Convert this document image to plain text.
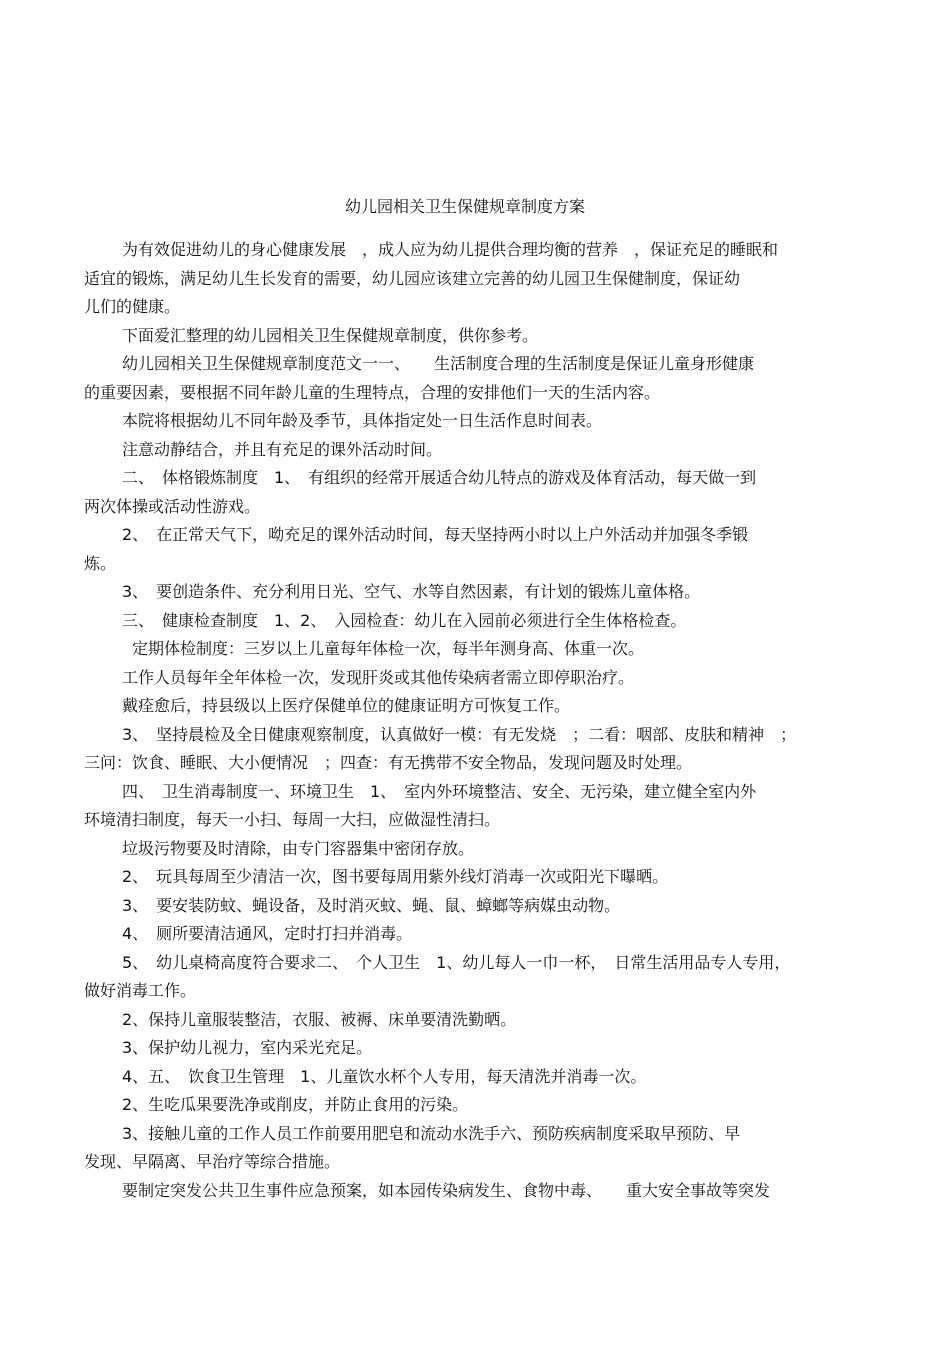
幼儿园相关卫生保健规章制度方案
为有效促进幼儿的身心健康发展　，成人应为幼儿提供合理均衡的营养　，保证充足的睡眠和
适宜的锻炼，满足幼儿生长发育的需要，幼儿园应该建立完善的幼儿园卫生保健制度，保证幼
儿们的健康。
下面爱汇整理的幼儿园相关卫生保健规章制度，供你参考。
幼儿园相关卫生保健规章制度范文一一、　　生活制度合理的生活制度是保证儿童身形健康
的重要因素，要根据不同年龄儿童的生理特点，合理的安排他们一天的生活内容。
本院将根据幼儿不同年龄及季节，具体指定处一日生活作息时间表。
注意动静结合，并且有充足的课外活动时间。
二、　体格锻炼制度　1、　有组织的经常开展适合幼儿特点的游戏及体育活动，每天做一到
两次体操或活动性游戏。
2、　在正常天气下，呦充足的课外活动时间，每天坚持两小时以上户外活动并加强冬季锻
炼。
3、　要创造条件、充分利用日光、空气、水等自然因素，有计划的锻炼儿童体格。
三、　健康检查制度　1、2、　入园检查：幼儿在入园前必须进行全生体格检查。
定期体检制度：三岁以上儿童每年体检一次，每半年测身高、体重一次。
工作人员每年全年体检一次，发现肝炎或其他传染病者需立即停职治疗。
戴痊愈后，持县级以上医疗保健单位的健康证明方可恢复工作。
3、　坚持晨检及全日健康观察制度，认真做好一模：有无发烧　；二看：咽部、皮肤和精神　；
三问：饮食、睡眠、大小便情况　；四查：有无携带不安全物品，发现问题及时处理。
四、　卫生消毒制度一、环境卫生　1、　室内外环境整洁、安全、无污染，建立健全室内外
环境清扫制度，每天一小扫、每周一大扫，应做湿性清扫。
垃圾污物要及时清除，由专门容器集中密闭存放。
2、　玩具每周至少清洁一次，图书要每周用紫外线灯消毒一次或阳光下曝晒。
3、　要安装防蚊、蝇设备，及时消灭蚊、蝇、鼠、蟑螂等病媒虫动物。
4、　厕所要清洁通风，定时打扫并消毒。
5、　幼儿桌椅高度符合要求二、　个人卫生　1、幼儿每人一巾一杯，　日常生活用品专人专用，
做好消毒工作。
2、保持儿童服装整洁，衣服、被褥、床单要清洗勤晒。
3、保护幼儿视力，室内采光充足。
4、五、　饮食卫生管理　1、儿童饮水杯个人专用，每天清洗并消毒一次。
2、生吃瓜果要洗净或削皮，并防止食用的污染。
3、接触儿童的工作人员工作前要用肥皂和流动水洗手六、预防疾病制度采取早预防、早
发现、早隔离、早治疗等综合措施。
要制定突发公共卫生事件应急预案，如本园传染病发生、食物中毒、　　重大安全事故等突发
